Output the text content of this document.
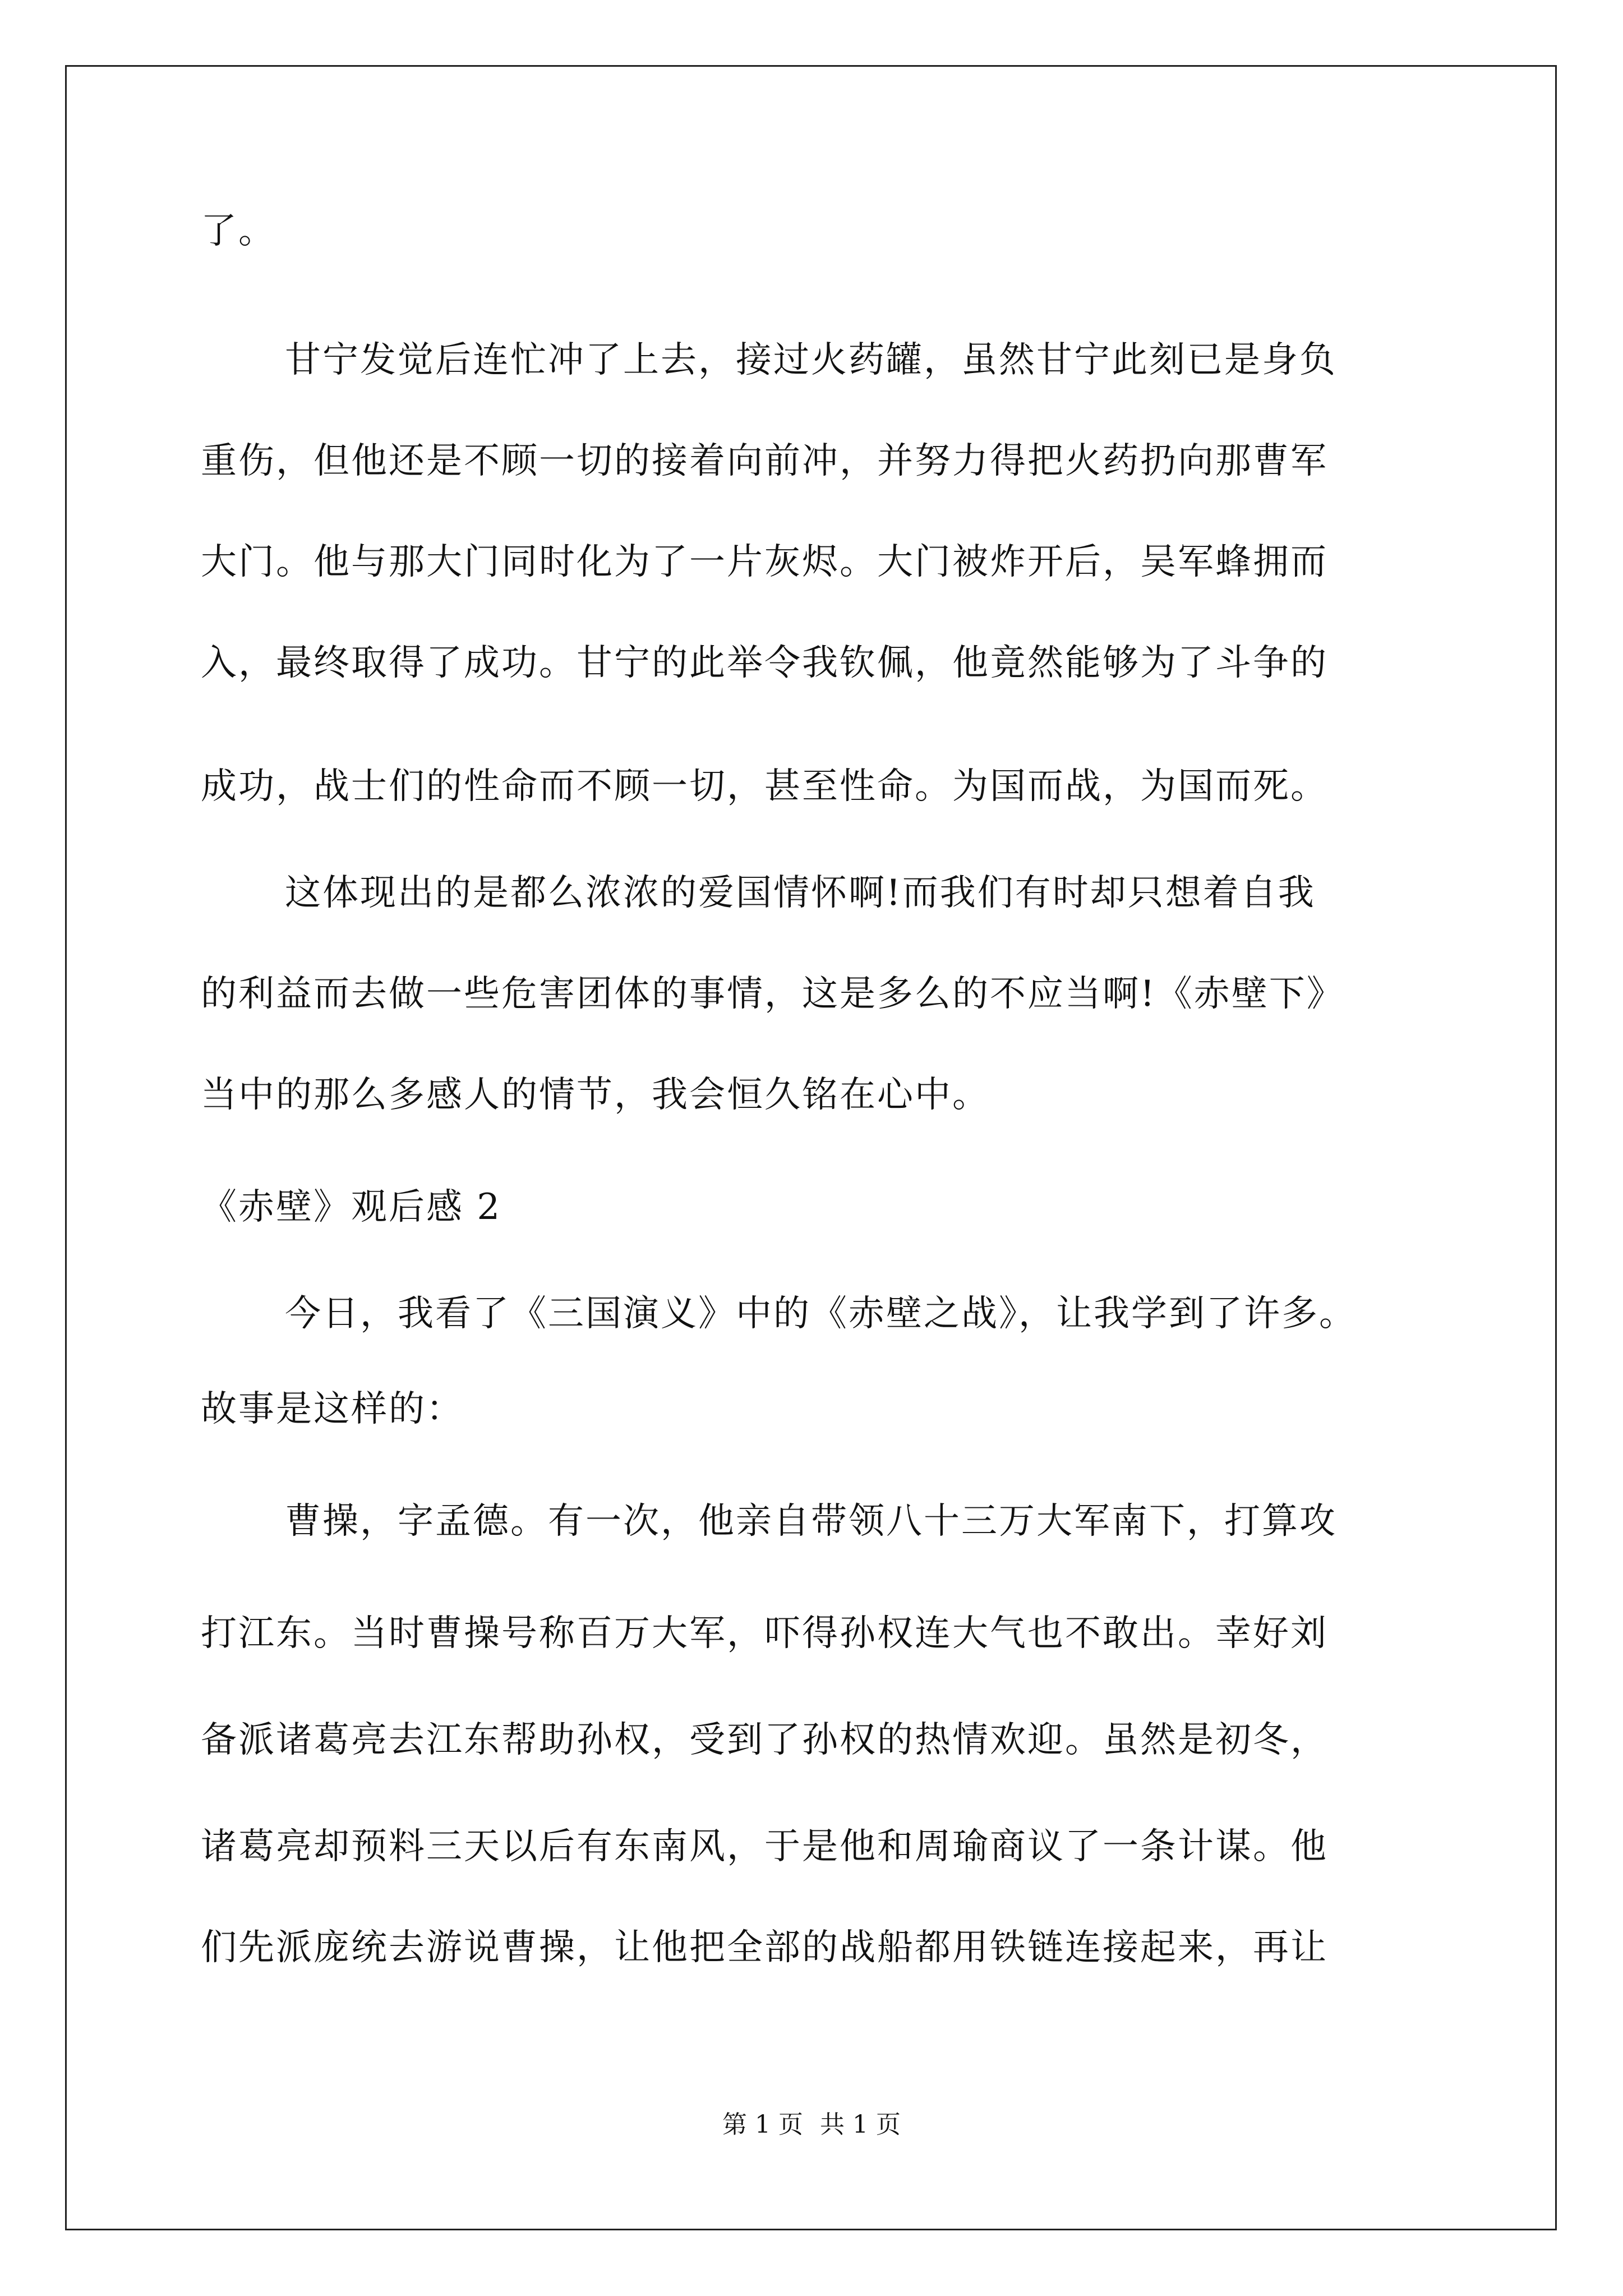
了。
甘宁发觉后连忙冲了上去，接过火药罐，虽然甘宁此刻已是身负
重伤，但他还是不顾一切的接着向前冲，并努力得把火药扔向那曹军
大门。他与那大门同时化为了一片灰烬。大门被炸开后，吴军蜂拥而
入，最终取得了成功。甘宁的此举令我钦佩，他竟然能够为了斗争的
成功，战士们的性命而不顾一切，甚至性命。为国而战，为国而死。
这体现出的是都么浓浓的爱国情怀啊!而我们有时却只想着自我
的利益而去做一些危害团体的事情，这是多么的不应当啊!《赤壁下》
当中的那么多感人的情节，我会恒久铭在心中。
《赤壁》观后感 2
今日，我看了《三国演义》中的《赤壁之战》，让我学到了许多。
故事是这样的：
曹操，字孟德。有一次，他亲自带领八十三万大军南下，打算攻
打江东。当时曹操号称百万大军，吓得孙权连大气也不敢出。幸好刘
备派诸葛亮去江东帮助孙权，受到了孙权的热情欢迎。虽然是初冬，
诸葛亮却预料三天以后有东南风，于是他和周瑜商议了一条计谋。他
们先派庞统去游说曹操，让他把全部的战船都用铁链连接起来，再让
第 1 页 共 1 页
